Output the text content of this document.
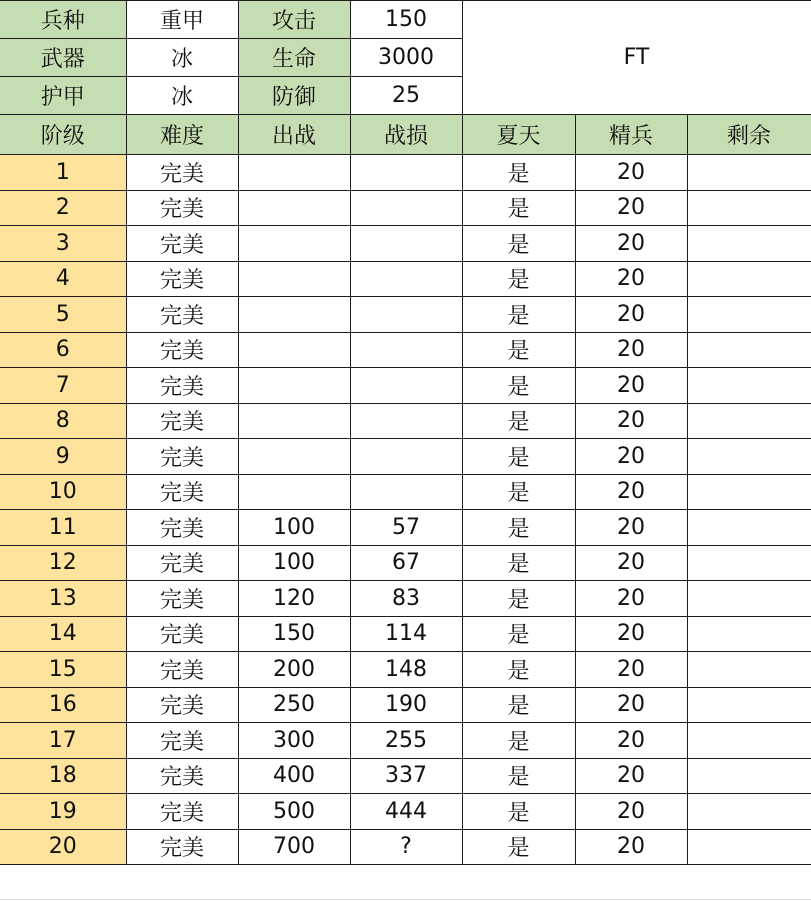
兵种	重甲	攻击	150	FT		
武器	冰	生命	3000			
护甲	冰	防御	25			
阶级	难度	出战	战损	夏天	精兵	剩余
1	完美			是	20	
2	完美			是	20	
3	完美			是	20	
4	完美			是	20	
5	完美			是	20	
6	完美			是	20	
7	完美			是	20	
8	完美			是	20	
9	完美			是	20	
10	完美			是	20	
11	完美	100	57	是	20	
12	完美	100	67	是	20	
13	完美	120	83	是	20	
14	完美	150	114	是	20	
15	完美	200	148	是	20	
16	完美	250	190	是	20	
17	完美	300	255	是	20	
18	完美	400	337	是	20	
19	完美	500	444	是	20	
20	完美	700	?	是	20	
